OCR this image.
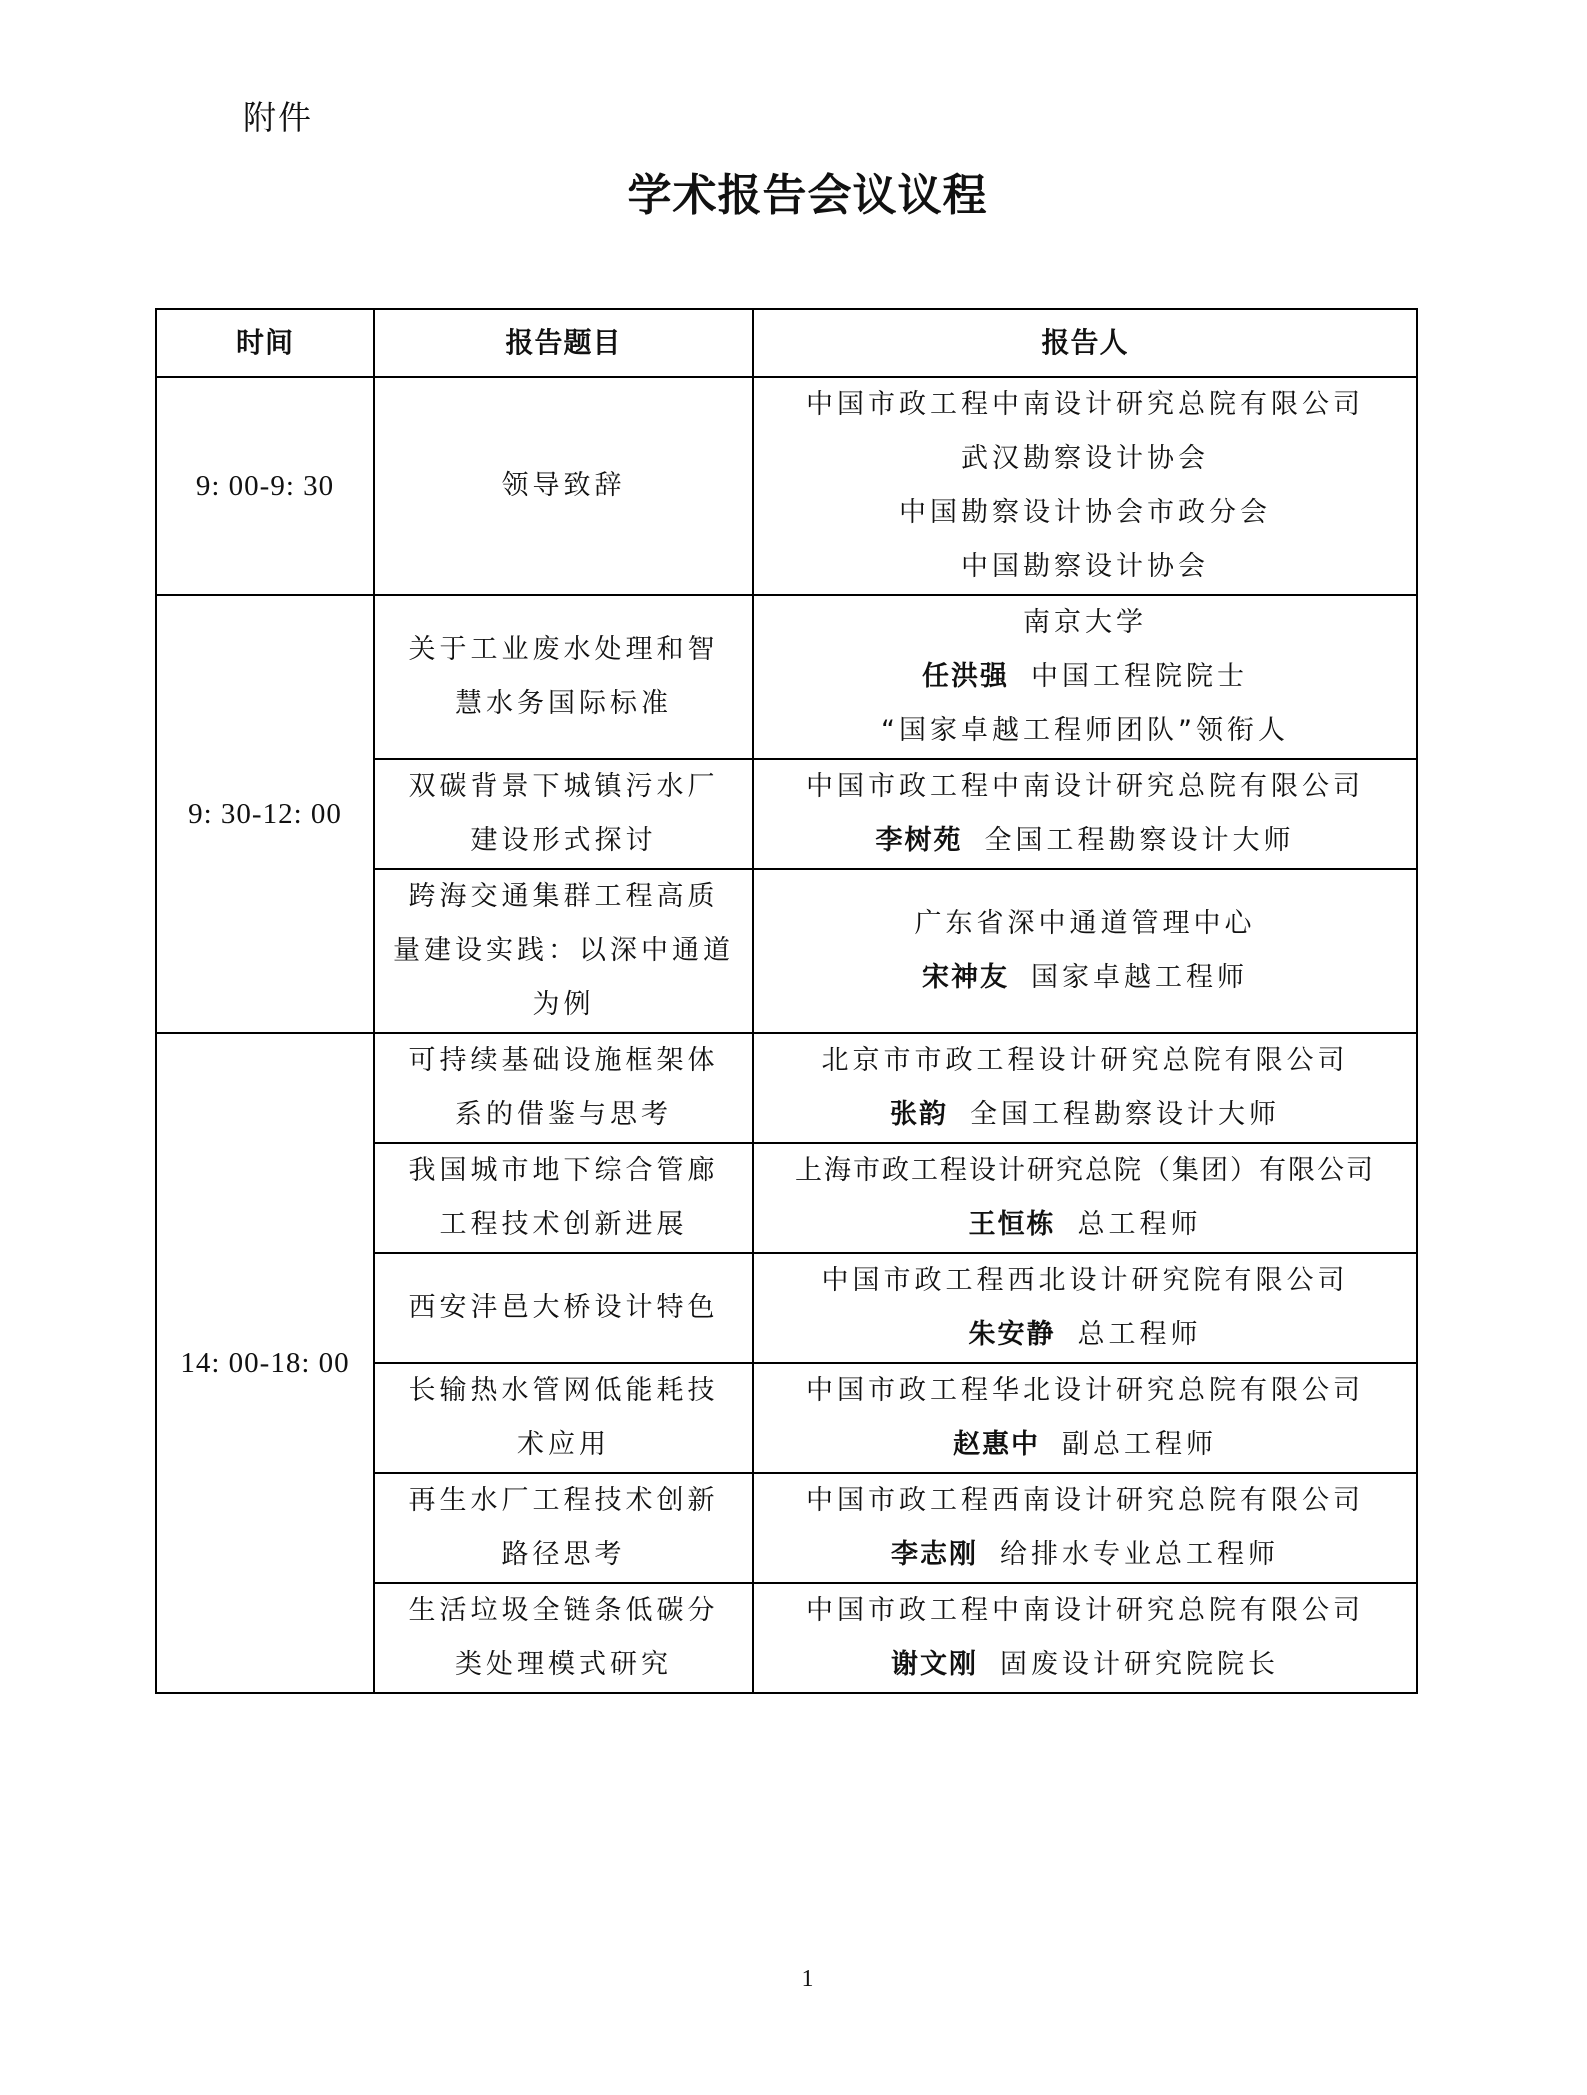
附件
学术报告会议议程
时间	报告题目	报告人
9: 00-9: 30	领导致辞	中国市政工程中南设计研究总院有限公司
武汉勘察设计协会
中国勘察设计协会市政分会
中国勘察设计协会

9: 30-12: 00	关于工业废水处理和智
慧水务国际标准	南京大学
任洪强 中国工程院院士
“国家卓越工程师团队”领衔人

	双碳背景下城镇污水厂
建设形式探讨	中国市政工程中南设计研究总院有限公司
李树苑 全国工程勘察设计大师

	跨海交通集群工程高质
量建设实践：以深中通道
为例	广东省深中通道管理中心
宋神友 国家卓越工程师

14: 00-18: 00	可持续基础设施框架体
系的借鉴与思考	北京市市政工程设计研究总院有限公司
张韵 全国工程勘察设计大师

	我国城市地下综合管廊
工程技术创新进展	上海市政工程设计研究总院（集团）有限公司
王恒栋 总工程师

	西安沣邑大桥设计特色	中国市政工程西北设计研究院有限公司
朱安静 总工程师

	长输热水管网低能耗技
术应用	中国市政工程华北设计研究总院有限公司
赵惠中 副总工程师

	再生水厂工程技术创新
路径思考	中国市政工程西南设计研究总院有限公司
李志刚 给排水专业总工程师

	生活垃圾全链条低碳分
类处理模式研究	中国市政工程中南设计研究总院有限公司
谢文刚 固废设计研究院院长
1
